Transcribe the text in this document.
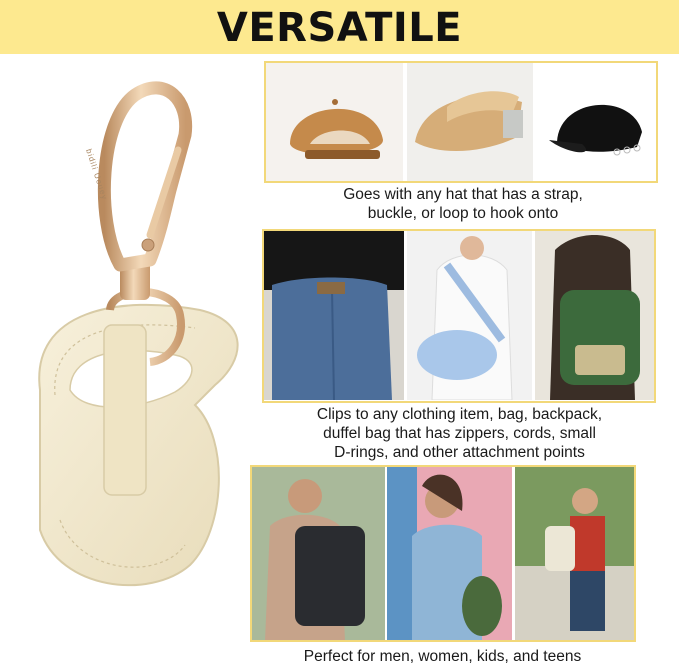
VERSATILE
bidili Uouey	Goes with any hat that has a strap,
buckle, or loop to hook onto
Clips to any clothing item, bag, backpack,
duffel bag that has zippers, cords, small
D-rings, and other attachment points
Perfect for men, women, kids, and teens
